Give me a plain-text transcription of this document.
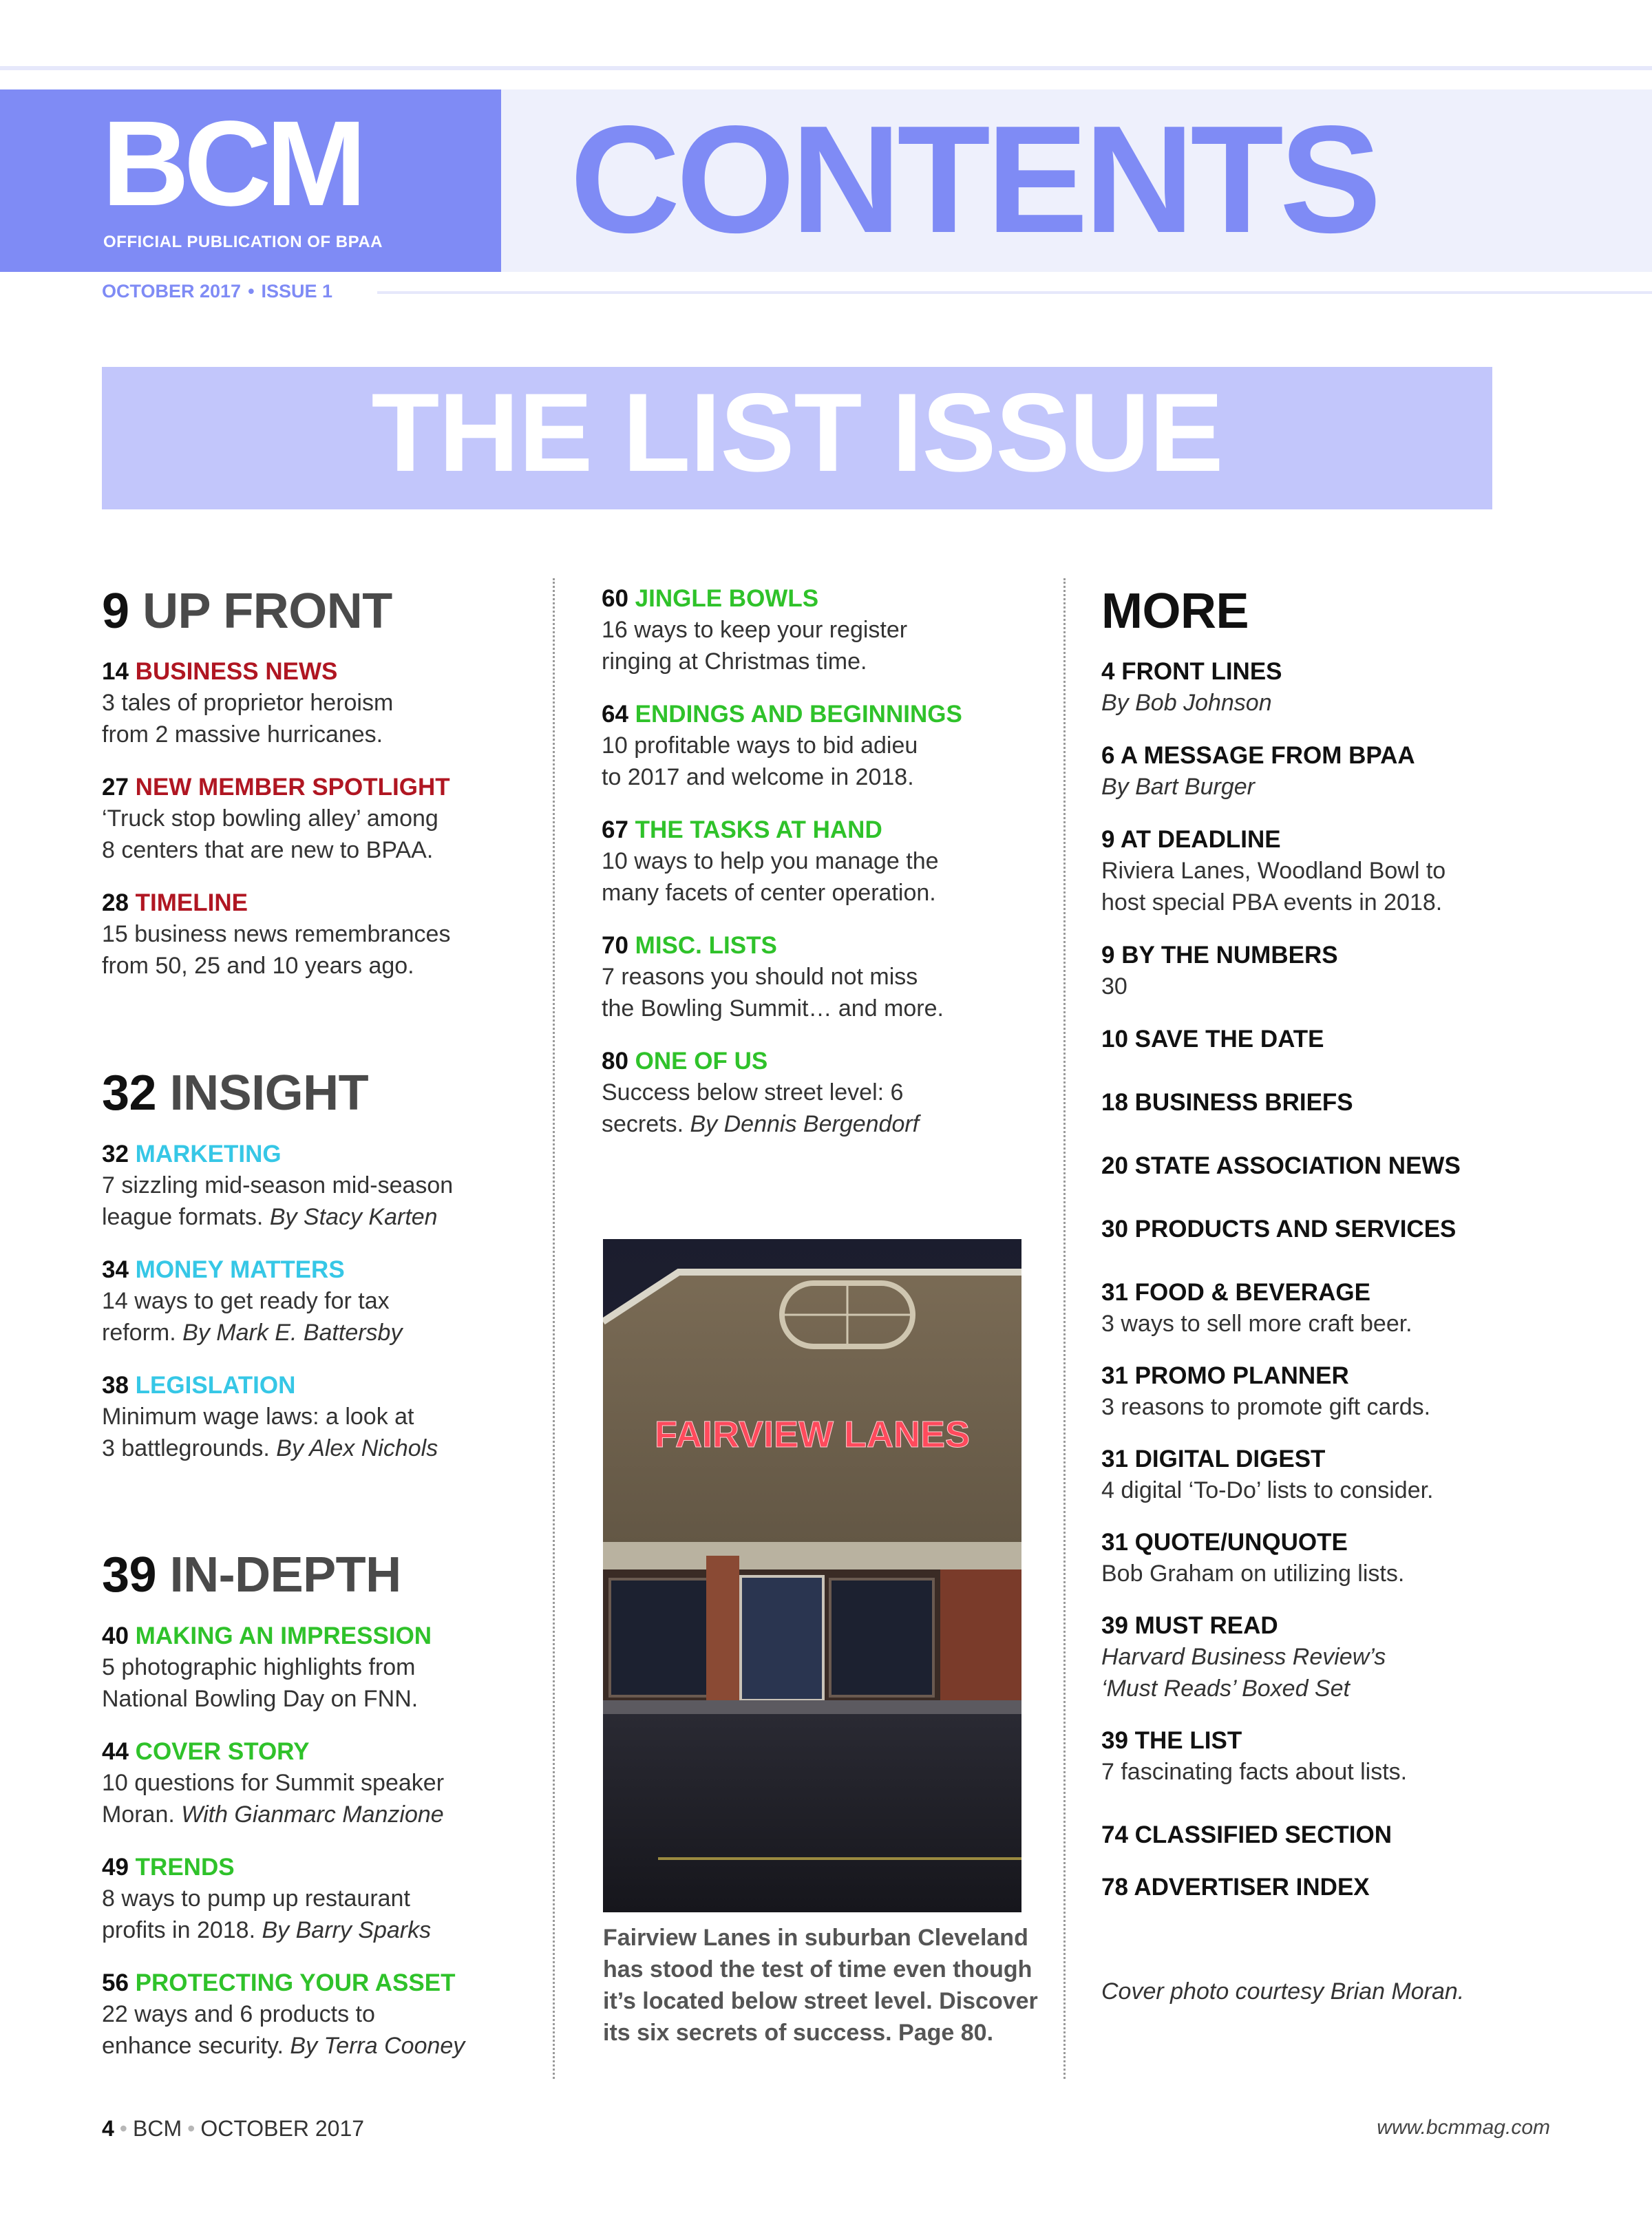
BCM
OFFICIAL PUBLICATION OF BPAA CONTENTS
OCTOBER 2017 • ISSUE 1
THE LIST ISSUE
9 UP FRONT
14 BUSINESS NEWS
3 tales of proprietor heroism
from 2 massive hurricanes.
27 NEW MEMBER SPOTLIGHT
‘Truck stop bowling alley’ among
8 centers that are new to BPAA.
28 TIMELINE
15 business news remembrances
from 50, 25 and 10 years ago.
32 INSIGHT
32 MARKETING
7 sizzling mid-season mid-season
league formats. By Stacy Karten
34 MONEY MATTERS
14 ways to get ready for tax
reform. By Mark E. Battersby
38 LEGISLATION
Minimum wage laws: a look at
3 battlegrounds. By Alex Nichols
39 IN-DEPTH
40 MAKING AN IMPRESSION
5 photographic highlights from
National Bowling Day on FNN.
44 COVER STORY
10 questions for Summit speaker
Moran. With Gianmarc Manzione
49 TRENDS
8 ways to pump up restaurant
profits in 2018. By Barry Sparks
56 PROTECTING YOUR ASSET
22 ways and 6 products to
enhance security. By Terra Cooney
60 JINGLE BOWLS
16 ways to keep your register
ringing at Christmas time.
64 ENDINGS AND BEGINNINGS
10 profitable ways to bid adieu
to 2017 and welcome in 2018.
67 THE TASKS AT HAND
10 ways to help you manage the
many facets of center operation.
70 MISC. LISTS
7 reasons you should not miss
the Bowling Summit… and more.
80 ONE OF US
Success below street level: 6
secrets. By Dennis Bergendorf
FAIRVIEW LANES
Fairview Lanes in suburban Cleveland has stood the test of time even though it’s located below street level. Discover its six secrets of success. Page 80.
MORE
4 FRONT LINES
By Bob Johnson
6 A MESSAGE FROM BPAA
By Bart Burger
9 AT DEADLINE
Riviera Lanes, Woodland Bowl to
host special PBA events in 2018.
9 BY THE NUMBERS
30
10 SAVE THE DATE
18 BUSINESS BRIEFS
20 STATE ASSOCIATION NEWS
30 PRODUCTS AND SERVICES
31 FOOD & BEVERAGE
3 ways to sell more craft beer.
31 PROMO PLANNER
3 reasons to promote gift cards.
31 DIGITAL DIGEST
4 digital ‘To-Do’ lists to consider.
31 QUOTE/UNQUOTE
Bob Graham on utilizing lists.
39 MUST READ
Harvard Business Review’s
‘Must Reads’ Boxed Set
39 THE LIST
7 fascinating facts about lists.
74 CLASSIFIED SECTION
78 ADVERTISER INDEX
Cover photo courtesy Brian Moran.
4 • BCM • OCTOBER 2017	www.bcmmag.com
